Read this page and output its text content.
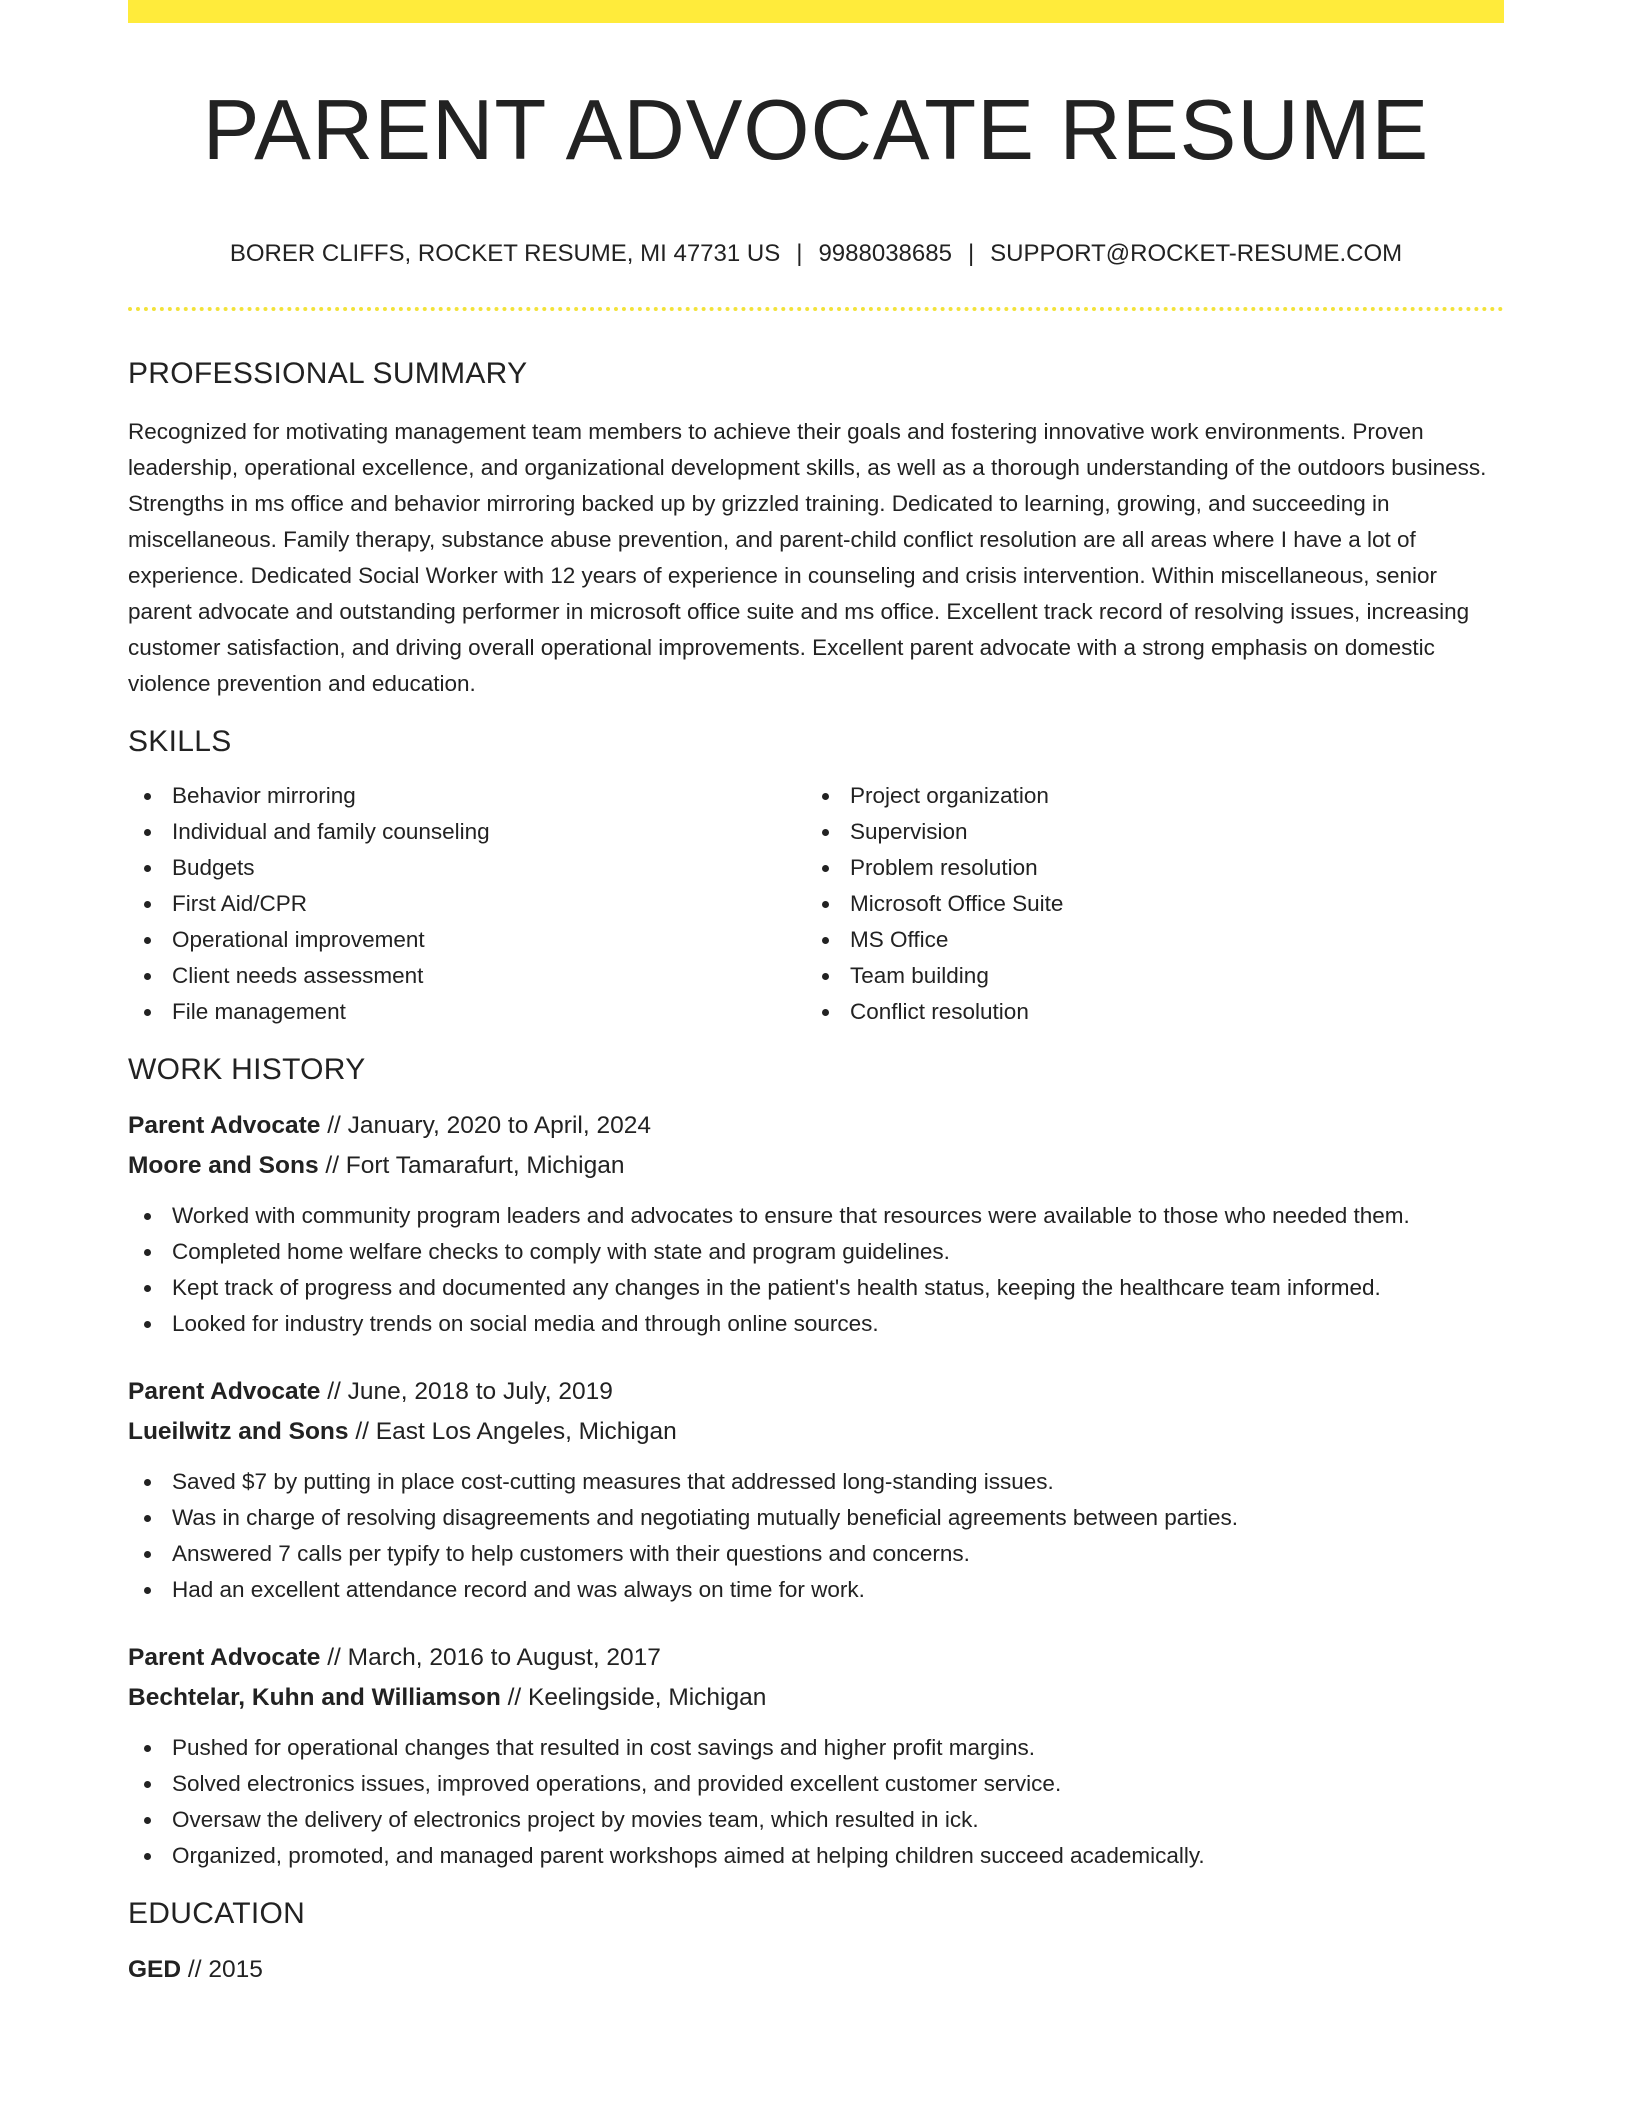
PARENT ADVOCATE RESUME
BORER CLIFFS, ROCKET RESUME, MI 47731 US | 9988038685 | SUPPORT@ROCKET-RESUME.COM
PROFESSIONAL SUMMARY

Recognized for motivating management team members to achieve their goals and fostering innovative work environments. Proven leadership, operational excellence, and organizational development skills, as well as a thorough understanding of the outdoors business. Strengths in ms office and behavior mirroring backed up by grizzled training. Dedicated to learning, growing, and succeeding in miscellaneous. Family therapy, substance abuse prevention, and parent-child conflict resolution are all areas where I have a lot of experience. Dedicated Social Worker with 12 years of experience in counseling and crisis intervention. Within miscellaneous, senior parent advocate and outstanding performer in microsoft office suite and ms office. Excellent track record of resolving issues, increasing customer satisfaction, and driving overall operational improvements. Excellent parent advocate with a strong emphasis on domestic violence prevention and education.

SKILLS
Behavior mirroring
Individual and family counseling
Budgets
First Aid/CPR
Operational improvement
Client needs assessment
File management
Project organization
Supervision
Problem resolution
Microsoft Office Suite
MS Office
Team building
Conflict resolution
WORK HISTORY
Parent Advocate // January, 2020 to April, 2024
Moore and Sons // Fort Tamarafurt, Michigan
Worked with community program leaders and advocates to ensure that resources were available to those who needed them.
Completed home welfare checks to comply with state and program guidelines.
Kept track of progress and documented any changes in the patient's health status, keeping the healthcare team informed.
Looked for industry trends on social media and through online sources.
Parent Advocate // June, 2018 to July, 2019
Lueilwitz and Sons // East Los Angeles, Michigan
Saved $7 by putting in place cost-cutting measures that addressed long-standing issues.
Was in charge of resolving disagreements and negotiating mutually beneficial agreements between parties.
Answered 7 calls per typify to help customers with their questions and concerns.
Had an excellent attendance record and was always on time for work.
Parent Advocate // March, 2016 to August, 2017
Bechtelar, Kuhn and Williamson // Keelingside, Michigan
Pushed for operational changes that resulted in cost savings and higher profit margins.
Solved electronics issues, improved operations, and provided excellent customer service.
Oversaw the delivery of electronics project by movies team, which resulted in ick.
Organized, promoted, and managed parent workshops aimed at helping children succeed academically.
EDUCATION
GED // 2015
